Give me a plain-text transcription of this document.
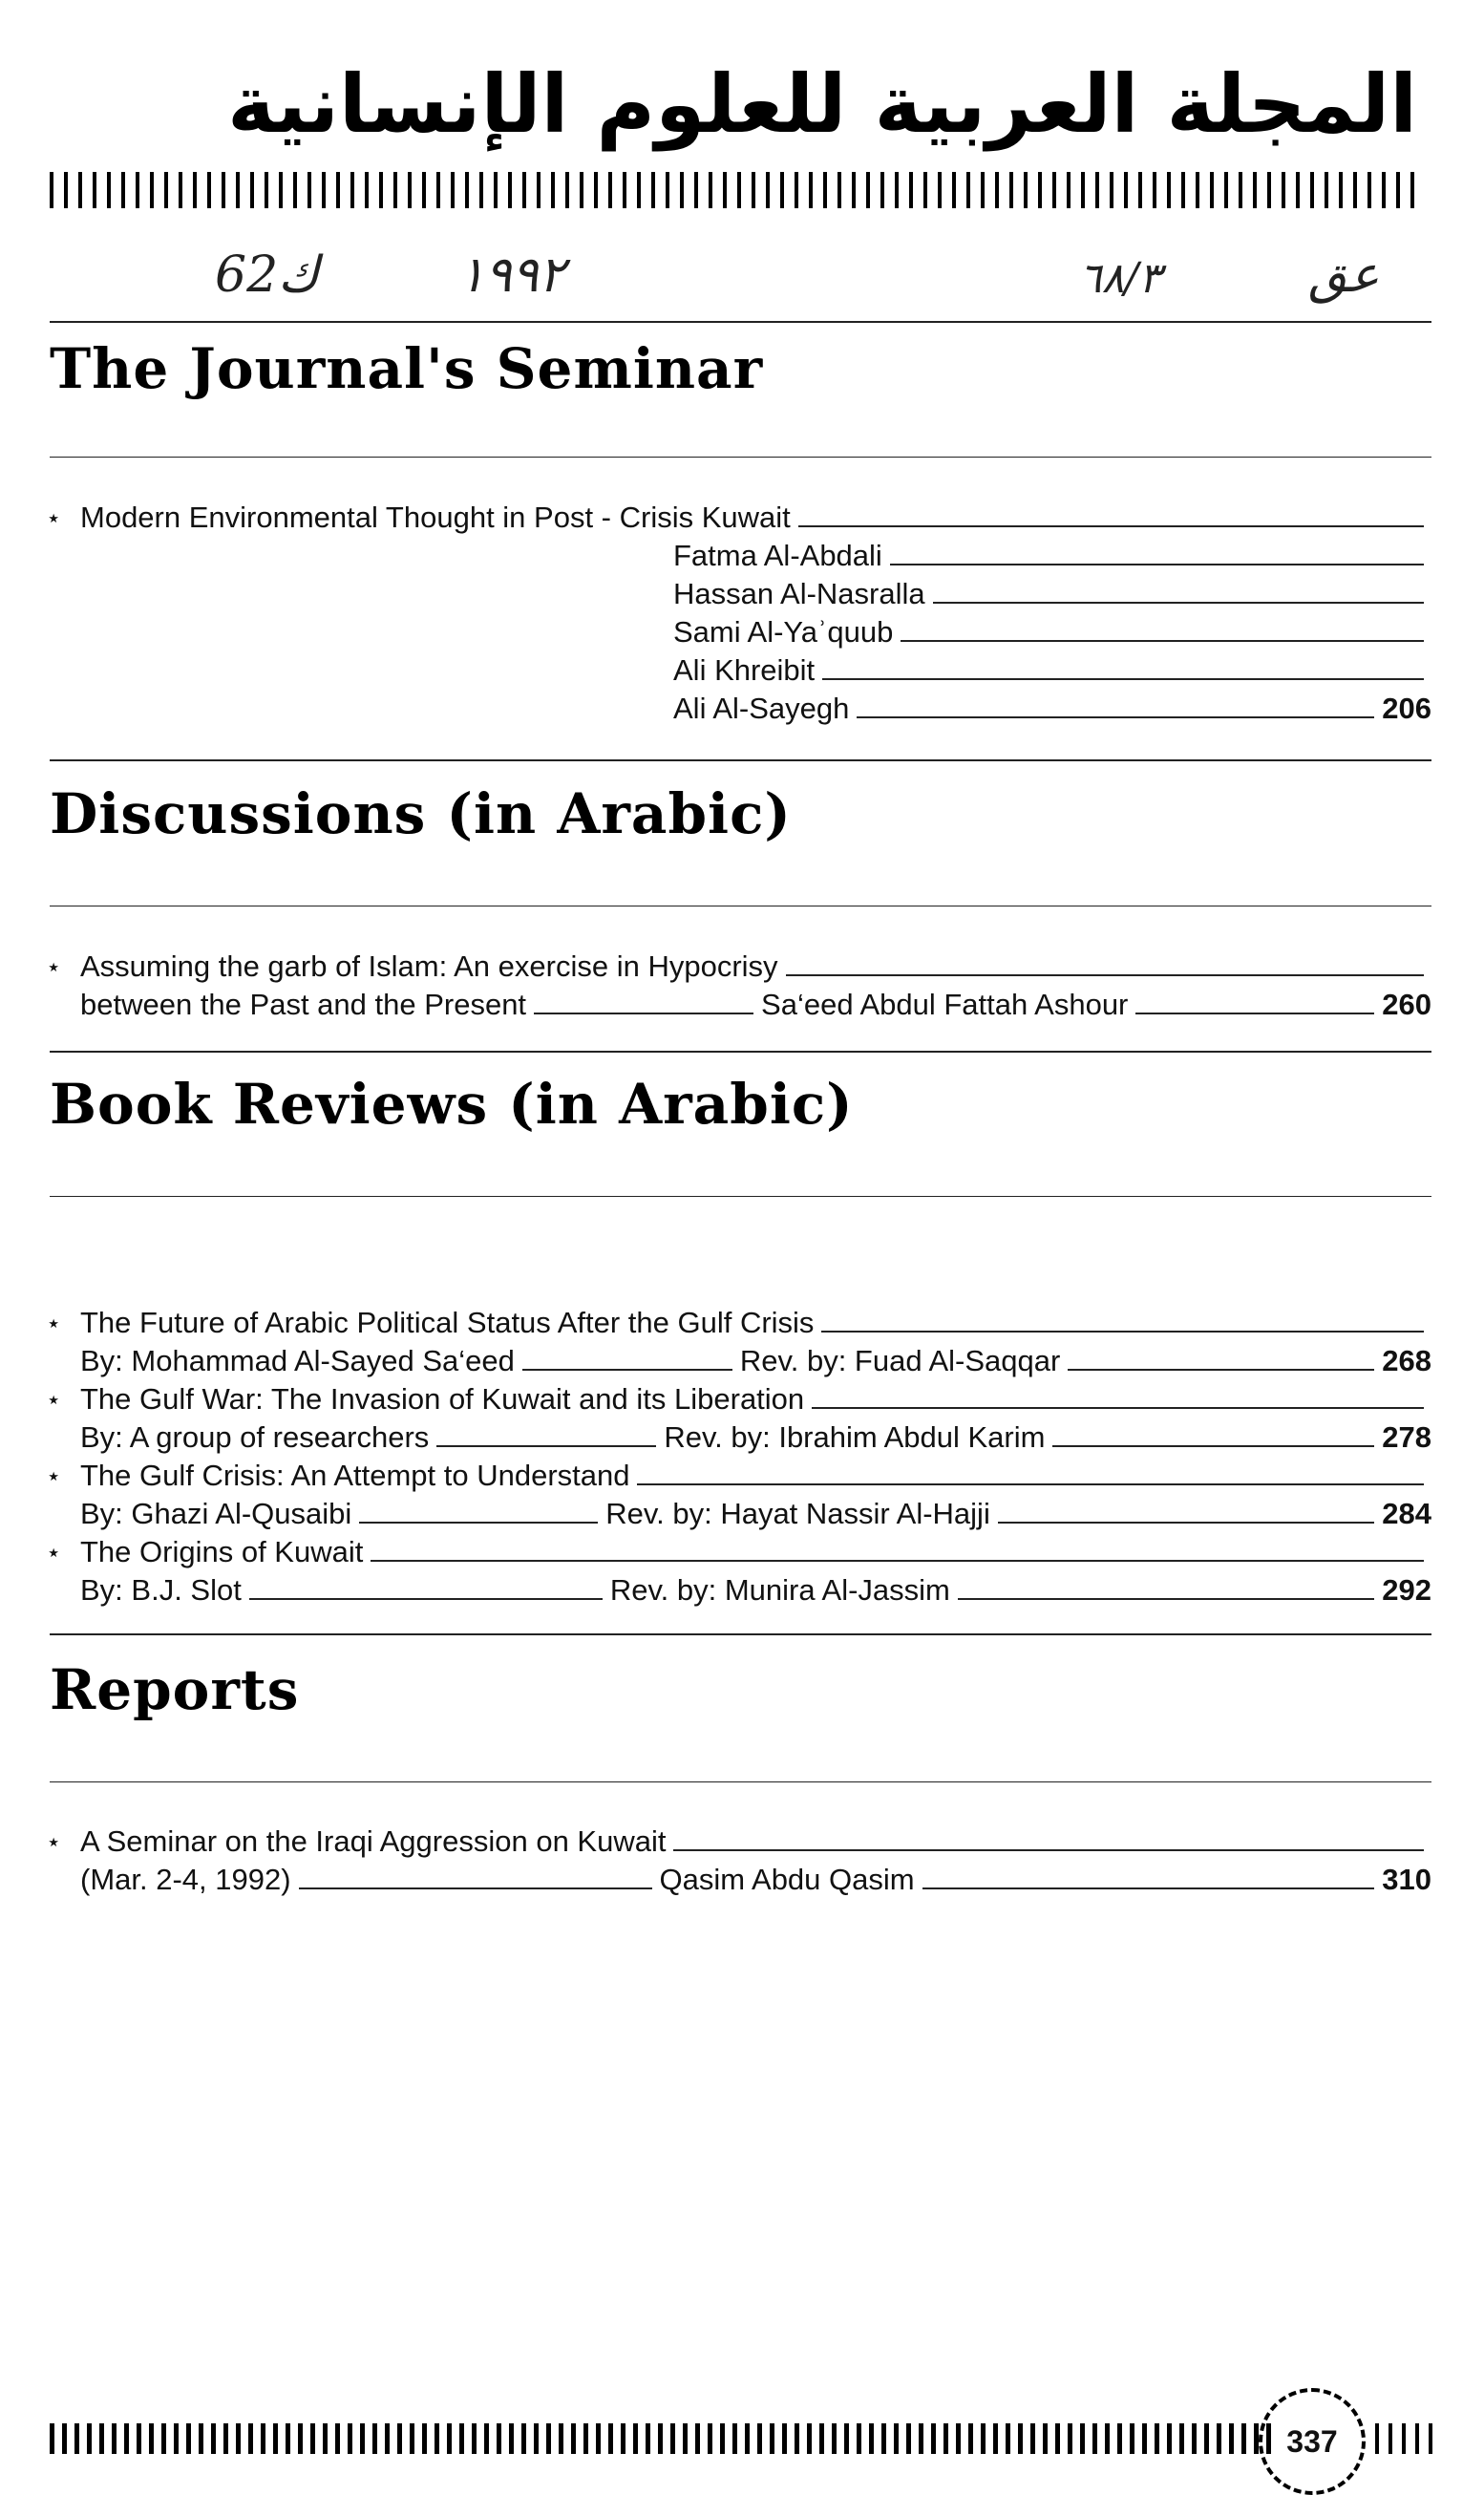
المجلة العربية للعلوم الإنسانية
62ﻙ	١٩٩٢	٦٨/٣	ﻋﻖ
The Journal's Seminar
⋆ Modern Environmental Thought in Post - Crisis Kuwait
Fatma Al-Abdali
Hassan Al-Nasralla
Sami Al-Yaʾquub
Ali Khreibit
Ali Al-Sayegh	206
Discussions (in Arabic)
⋆ Assuming the garb of Islam: An exercise in Hypocrisy
between the Past and the Present	Sa‘eed Abdul Fattah Ashour	260
Book Reviews (in Arabic)
⋆ The Future of Arabic Political Status After the Gulf Crisis
By: Mohammad Al-Sayed Sa‘eed	Rev. by: Fuad Al-Saqqar	268
⋆ The Gulf War: The Invasion of Kuwait and its Liberation
By: A group of researchers	Rev. by: Ibrahim Abdul Karim	278
⋆ The Gulf Crisis: An Attempt to Understand
By: Ghazi Al-Qusaibi	Rev. by: Hayat Nassir Al-Hajji	284
⋆ The Origins of Kuwait
By: B.J. Slot	Rev. by: Munira Al-Jassim	292
Reports
⋆ A Seminar on the Iraqi Aggression on Kuwait
(Mar. 2-4, 1992)	Qasim Abdu Qasim	310
337
